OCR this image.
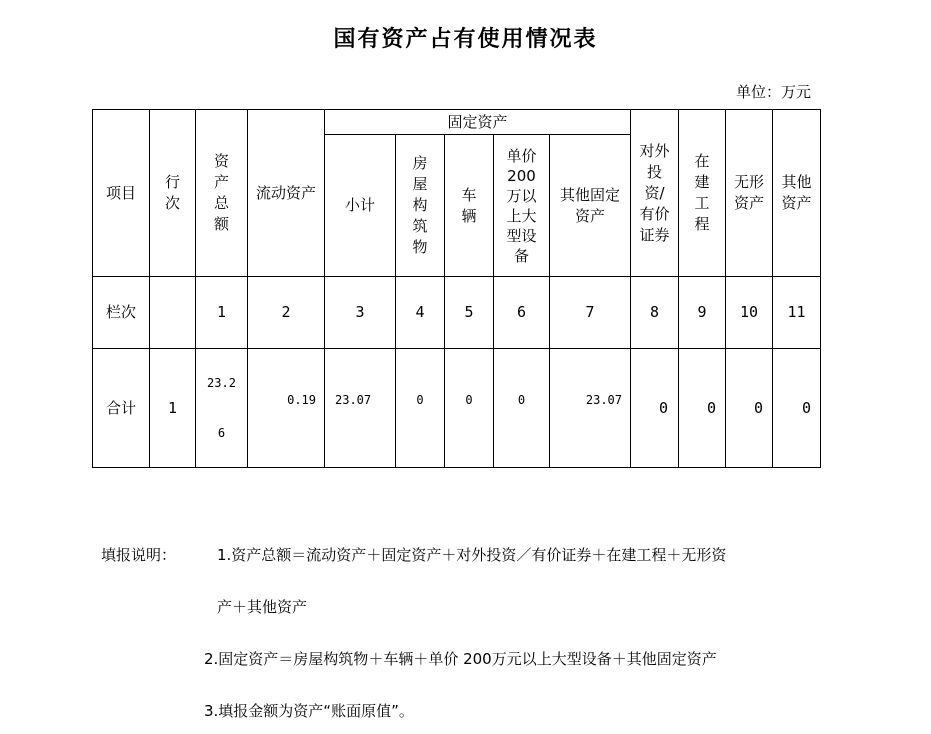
国有资产占有使用情况表
单位：万元
项目	行次	资产总额	流动资产	固定资产					对外投资/有价证券	在建工程	无形资产	其他资产

				小计	房屋构筑物	车辆	单价200万以上大型设备	其他固定资产				

栏次		1	2	3	4	5	6	7	8	9	10	11
合计	1	23.26	0.19	23.07	0	0	0	23.07	0	0	0	0
填报说明：	1.资产总额＝流动资产＋固定资产＋对外投资／有价证券＋在建工程＋无形资
产＋其他资产
2.固定资产＝房屋构筑物＋车辆＋单价 200万元以上大型设备＋其他固定资产
3.填报金额为资产“账面原值”。
